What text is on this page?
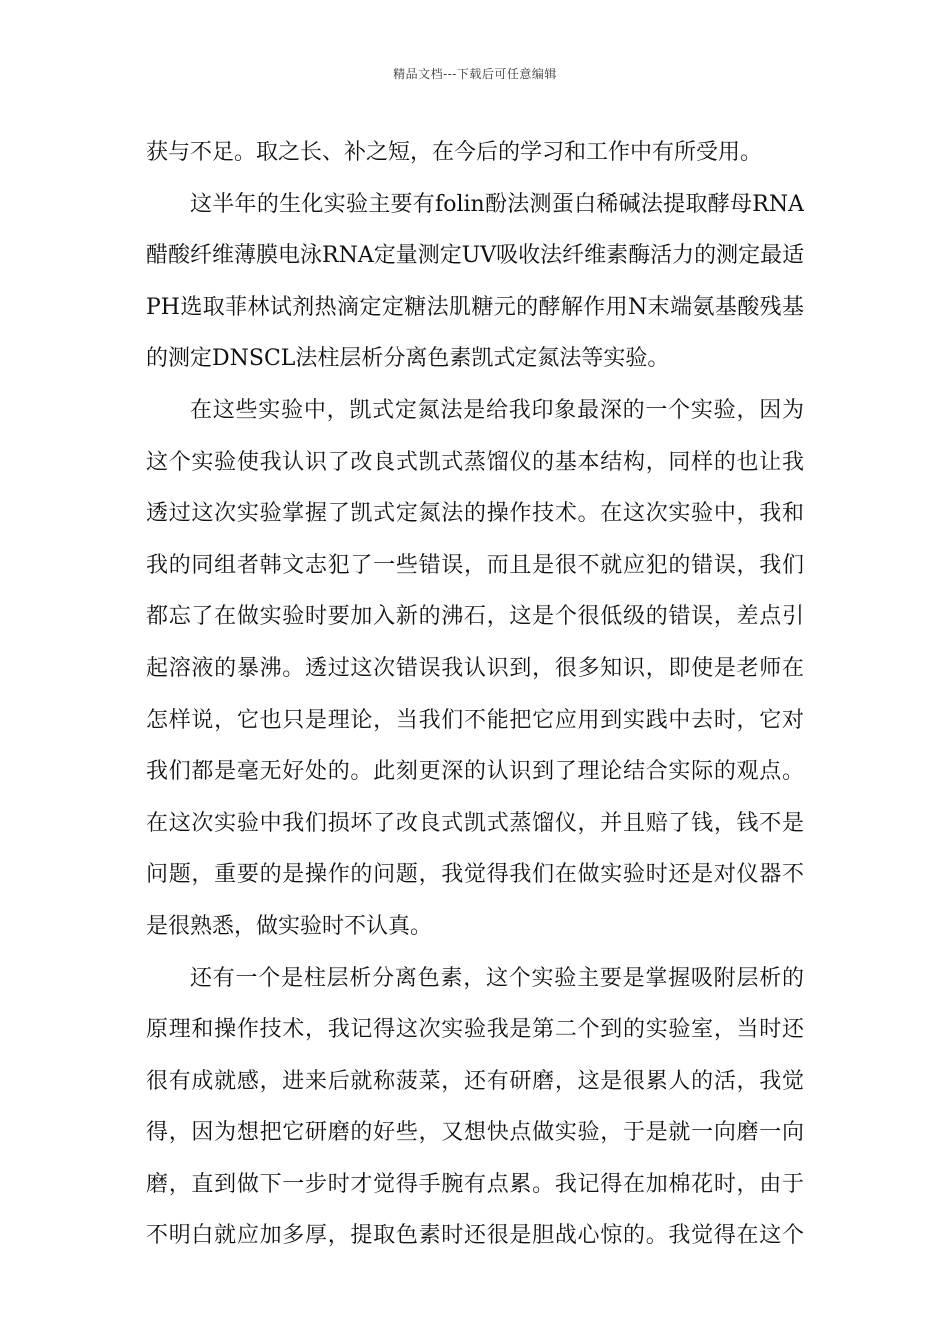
精品文档---下载后可任意编辑
获与不足。取之长、补之短，在今后的学习和工作中有所受用。
这半年的生化实验主要有folin酚法测蛋白稀碱法提取酵母RNA
醋酸纤维薄膜电泳RNA定量测定UV吸收法纤维素酶活力的测定最适
PH选取菲林试剂热滴定定糖法肌糖元的酵解作用N末端氨基酸残基
的测定DNSCL法柱层析分离色素凯式定氮法等实验。
在这些实验中，凯式定氮法是给我印象最深的一个实验，因为
这个实验使我认识了改良式凯式蒸馏仪的基本结构，同样的也让我
透过这次实验掌握了凯式定氮法的操作技术。在这次实验中，我和
我的同组者韩文志犯了一些错误，而且是很不就应犯的错误，我们
都忘了在做实验时要加入新的沸石，这是个很低级的错误，差点引
起溶液的暴沸。透过这次错误我认识到，很多知识，即使是老师在
怎样说，它也只是理论，当我们不能把它应用到实践中去时，它对
我们都是毫无好处的。此刻更深的认识到了理论结合实际的观点。
在这次实验中我们损坏了改良式凯式蒸馏仪，并且赔了钱，钱不是
问题，重要的是操作的问题，我觉得我们在做实验时还是对仪器不
是很熟悉，做实验时不认真。
还有一个是柱层析分离色素，这个实验主要是掌握吸附层析的
原理和操作技术，我记得这次实验我是第二个到的实验室，当时还
很有成就感，进来后就称菠菜，还有研磨，这是很累人的活，我觉
得，因为想把它研磨的好些，又想快点做实验，于是就一向磨一向
磨，直到做下一步时才觉得手腕有点累。我记得在加棉花时，由于
不明白就应加多厚，提取色素时还很是胆战心惊的。我觉得在这个
